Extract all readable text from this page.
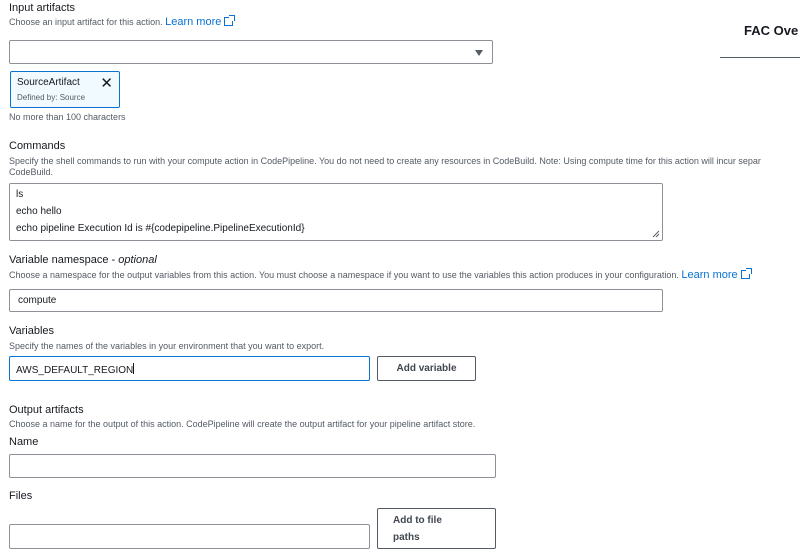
Input artifacts
Choose an input artifact for this action. Learn more
SourceArtifact
Defined by: Source
✕
No more than 100 characters
FAC Ove
Commands
Specify the shell commands to run with your compute action in CodePipeline. You do not need to create any resources in CodeBuild. Note: Using compute time for this action will incur separ
CodeBuild.
ls
echo hello
echo pipeline Execution Id is #{codepipeline.PipelineExecutionId}
Variable namespace - optional
Choose a namespace for the output variables from this action. You must choose a namespace if you want to use the variables this action produces in your configuration. Learn more
compute
Variables
Specify the names of the variables in your environment that you want to export.
AWS_DEFAULT_REGION	Add variable
Output artifacts
Choose a name for the output of this action. CodePipeline will create the output artifact for your pipeline artifact store.
Name
Files
Add to file
paths
